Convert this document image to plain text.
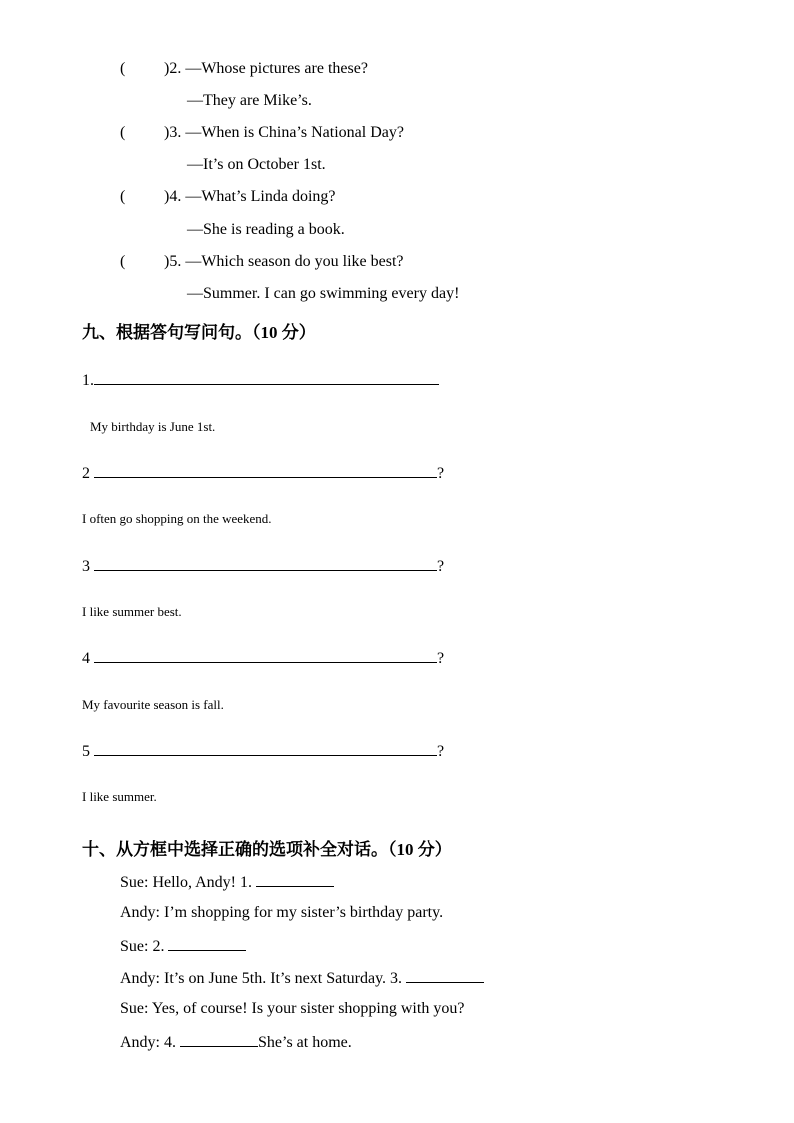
( )2. —Whose pictures are these?
—They are Mike’s.
( )3. —When is China’s National Day?
—It’s on October 1st.
( )4. —What’s Linda doing?
—She is reading a book.
( )5. —Which season do you like best?
—Summer. I can go swimming every day!
九、根据答句写问句。（10 分）
1.
My birthday is June 1st.
2	?
I often go shopping on the weekend.
3	?
I like summer best.
4	?
My favourite season is fall.
5	?
I like summer.
十、从方框中选择正确的选项补全对话。（10 分）
Sue: Hello, Andy! 1.
Andy: I’m shopping for my sister’s birthday party.
Sue: 2.
Andy: It’s on June 5th. It’s next Saturday. 3.
Sue: Yes, of course! Is your sister shopping with you?
Andy: 4.	She’s at home.
